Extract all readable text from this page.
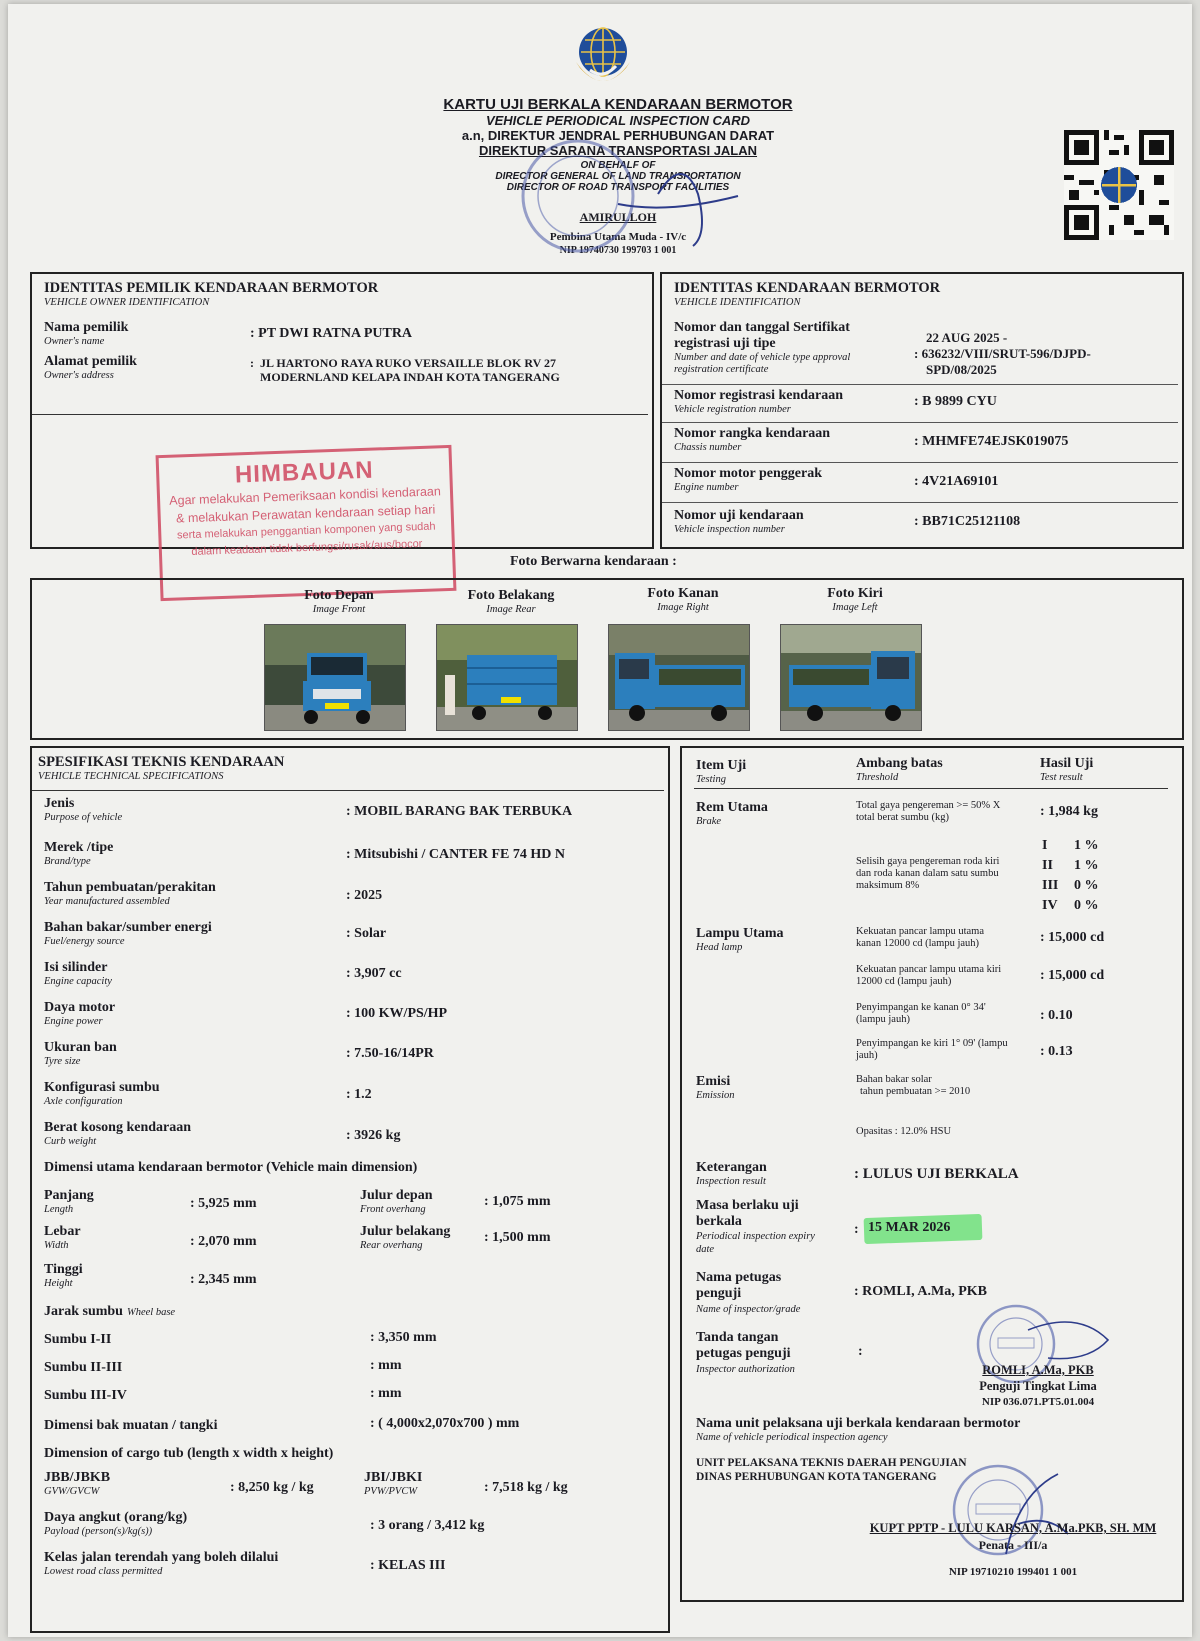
KARTU UJI BERKALA KENDARAAN BERMOTOR
VEHICLE PERIODICAL INSPECTION CARD
a.n, DIREKTUR JENDRAL PERHUBUNGAN DARAT
DIREKTUR SARANA TRANSPORTASI JALAN
ON BEHALF OF
DIRECTOR GENERAL OF LAND TRANSPORTATION
DIRECTOR OF ROAD TRANSPORT FACILITIES
AMIRULLOH
Pembina Utama Muda - IV/c
NIP 19740730 199703 1 001
IDENTITAS PEMILIK KENDARAAN BERMOTOR
VEHICLE OWNER IDENTIFICATION
Nama pemilik
Owner's name
: PT DWI RATNA PUTRA
Alamat pemilik
Owner's address
: JL HARTONO RAYA RUKO VERSAILLE BLOK RV 27
MODERNLAND KELAPA INDAH KOTA TANGERANG
HIMBAUAN
Agar melakukan Pemeriksaan kondisi kendaraan
& melakukan Perawatan kendaraan setiap hari
serta melakukan penggantian komponen yang sudah
dalam keadaan tidak berfungsi/rusak/aus/bocor
IDENTITAS KENDARAAN BERMOTOR
VEHICLE IDENTIFICATION
Nomor dan tanggal Sertifikat
registrasi uji tipe
Number and date of vehicle type approval
registration certificate
22 AUG 2025 -
: 636232/VIII/SRUT-596/DJPD-
SPD/08/2025
Nomor registrasi kendaraan
Vehicle registration number
: B 9899 CYU
Nomor rangka kendaraan
Chassis number	: MHMFE74EJSK019075
Nomor motor penggerak
Engine number	: 4V21A69101
Nomor uji kendaraan
Vehicle inspection number
: BB71C25121108
Foto Berwarna kendaraan :
Foto Depan
Image Front
Foto Belakang
Image Rear
Foto Kanan
Image Right
Foto Kiri
Image Left
SPESIFIKASI TEKNIS KENDARAAN
VEHICLE TECHNICAL SPECIFICATIONS
Jenis
Purpose of vehicle	: MOBIL BARANG BAK TERBUKA
Merek /tipe
Brand/type	: Mitsubishi / CANTER FE 74 HD N
Tahun pembuatan/perakitan
Year manufactured assembled	: 2025
Bahan bakar/sumber energi
Fuel/energy source
: Solar
Isi silinder
Engine capacity
: 3,907 cc
Daya motor
Engine power
: 100 KW/PS/HP
Ukuran ban
Tyre size
: 7.50-16/14PR
Konfigurasi sumbu
Axle configuration	: 1.2
Berat kosong kendaraan
Curb weight	: 3926 kg
Dimensi utama kendaraan bermotor (Vehicle main dimension)
Panjang
Length	: 5,925 mm
Julur depan
Front overhang
: 1,075 mm
Lebar
Width	: 2,070 mm
Julur belakang
Rear overhang
: 1,500 mm
Tinggi
Height	: 2,345 mm
Jarak sumbu Wheel base
Sumbu I-II	: 3,350 mm
Sumbu II-III	: mm
Sumbu III-IV	: mm
Dimensi bak muatan / tangki	: ( 4,000x2,070x700 ) mm
Dimension of cargo tub (length x width x height)
JBB/JBKB
GVW/GVCW	: 8,250 kg / kg
JBI/JBKI
PVW/PVCW	: 7,518 kg / kg
Daya angkut (orang/kg)
Payload (person(s)/kg(s))	: 3 orang / 3,412 kg
Kelas jalan terendah yang boleh dilalui
Lowest road class permitted	: KELAS III
Item Uji
Testing
Ambang batas
Threshold
Hasil Uji
Test result
Rem Utama
Brake
Total gaya pengereman >= 50% X
total berat sumbu (kg)	: 1,984 kg
Selisih gaya pengereman roda kiri
dan roda kanan dalam satu sumbu
maksimum 8%
I 1 %
II 1 %
III 0 %
IV 0 %
Lampu Utama
Head lamp
Kekuatan pancar lampu utama
kanan 12000 cd (lampu jauh)	: 15,000 cd
Kekuatan pancar lampu utama kiri
12000 cd (lampu jauh)	: 15,000 cd
Penyimpangan ke kanan 0° 34'
(lampu jauh)	: 0.10
Penyimpangan ke kiri 1° 09' (lampu
jauh)	: 0.13
Emisi
Emission
Bahan bakar solar
tahun pembuatan >= 2010
Opasitas : 12.0% HSU
Keterangan
Inspection result	: LULUS UJI BERKALA
Masa berlaku uji
berkala
Periodical inspection expiry
date
: 15 MAR 2026
Nama petugas
penguji
Name of inspector/grade
: ROMLI, A.Ma, PKB
Tanda tangan
petugas penguji
Inspector authorization
:
ROMLI, A.Ma, PKB
Penguji Tingkat Lima
NIP 036.071.PT5.01.004
Nama unit pelaksana uji berkala kendaraan bermotor
Name of vehicle periodical inspection agency
UNIT PELAKSANA TEKNIS DAERAH PENGUJIAN
DINAS PERHUBUNGAN KOTA TANGERANG
KUPT PPTP - LULU KARSAN, A.Ma.PKB, SH. MM
Penata - III/a
NIP 19710210 199401 1 001
